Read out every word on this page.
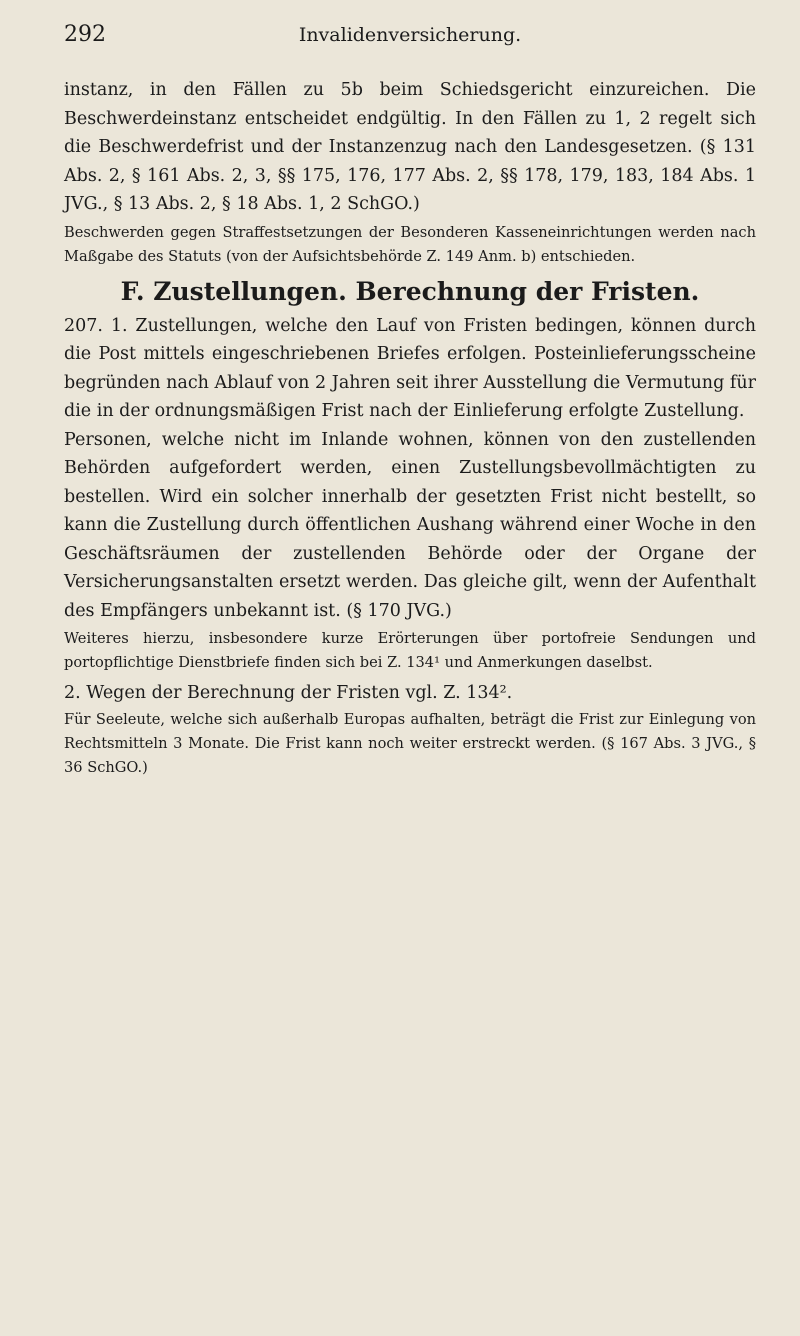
292	Invalidenversicherung.

instanz, in den Fällen zu 5b beim Schiedsgericht einzureichen. Die Beschwerdeinstanz entscheidet endgültig. In den Fällen zu 1, 2 regelt sich die Beschwerdefrist und der Instanzenzug nach den Landesgesetzen. (§ 131 Abs. 2, § 161 Abs. 2, 3, §§ 175, 176, 177 Abs. 2, §§ 178, 179, 183, 184 Abs. 1 JVG., § 13 Abs. 2, § 18 Abs. 1, 2 SchGO.)

Beschwerden gegen Straffestsetzungen der Besonderen Kasseneinrichtungen werden nach Maßgabe des Statuts (von der Aufsichtsbehörde Z. 149 Anm. b) entschieden.

F. Zustellungen. Berechnung der Fristen.

207. 1. Zustellungen, welche den Lauf von Fristen bedingen, können durch die Post mittels eingeschriebenen Briefes erfolgen. Posteinlieferungsscheine begründen nach Ablauf von 2 Jahren seit ihrer Ausstellung die Vermutung für die in der ordnungsmäßigen Frist nach der Einlieferung erfolgte Zustellung.

Personen, welche nicht im Inlande wohnen, können von den zustellenden Behörden aufgefordert werden, einen Zustellungsbevollmächtigten zu bestellen. Wird ein solcher innerhalb der gesetzten Frist nicht bestellt, so kann die Zustellung durch öffentlichen Aushang während einer Woche in den Geschäftsräumen der zustellenden Behörde oder der Organe der Versicherungsanstalten ersetzt werden. Das gleiche gilt, wenn der Aufenthalt des Empfängers unbekannt ist. (§ 170 JVG.)

Weiteres hierzu, insbesondere kurze Erörterungen über portofreie Sendungen und portopflichtige Dienstbriefe finden sich bei Z. 134¹ und Anmerkungen daselbst.

2. Wegen der Berechnung der Fristen vgl. Z. 134².

Für Seeleute, welche sich außerhalb Europas aufhalten, beträgt die Frist zur Einlegung von Rechtsmitteln 3 Monate. Die Frist kann noch weiter erstreckt werden. (§ 167 Abs. 3 JVG., § 36 SchGO.)
